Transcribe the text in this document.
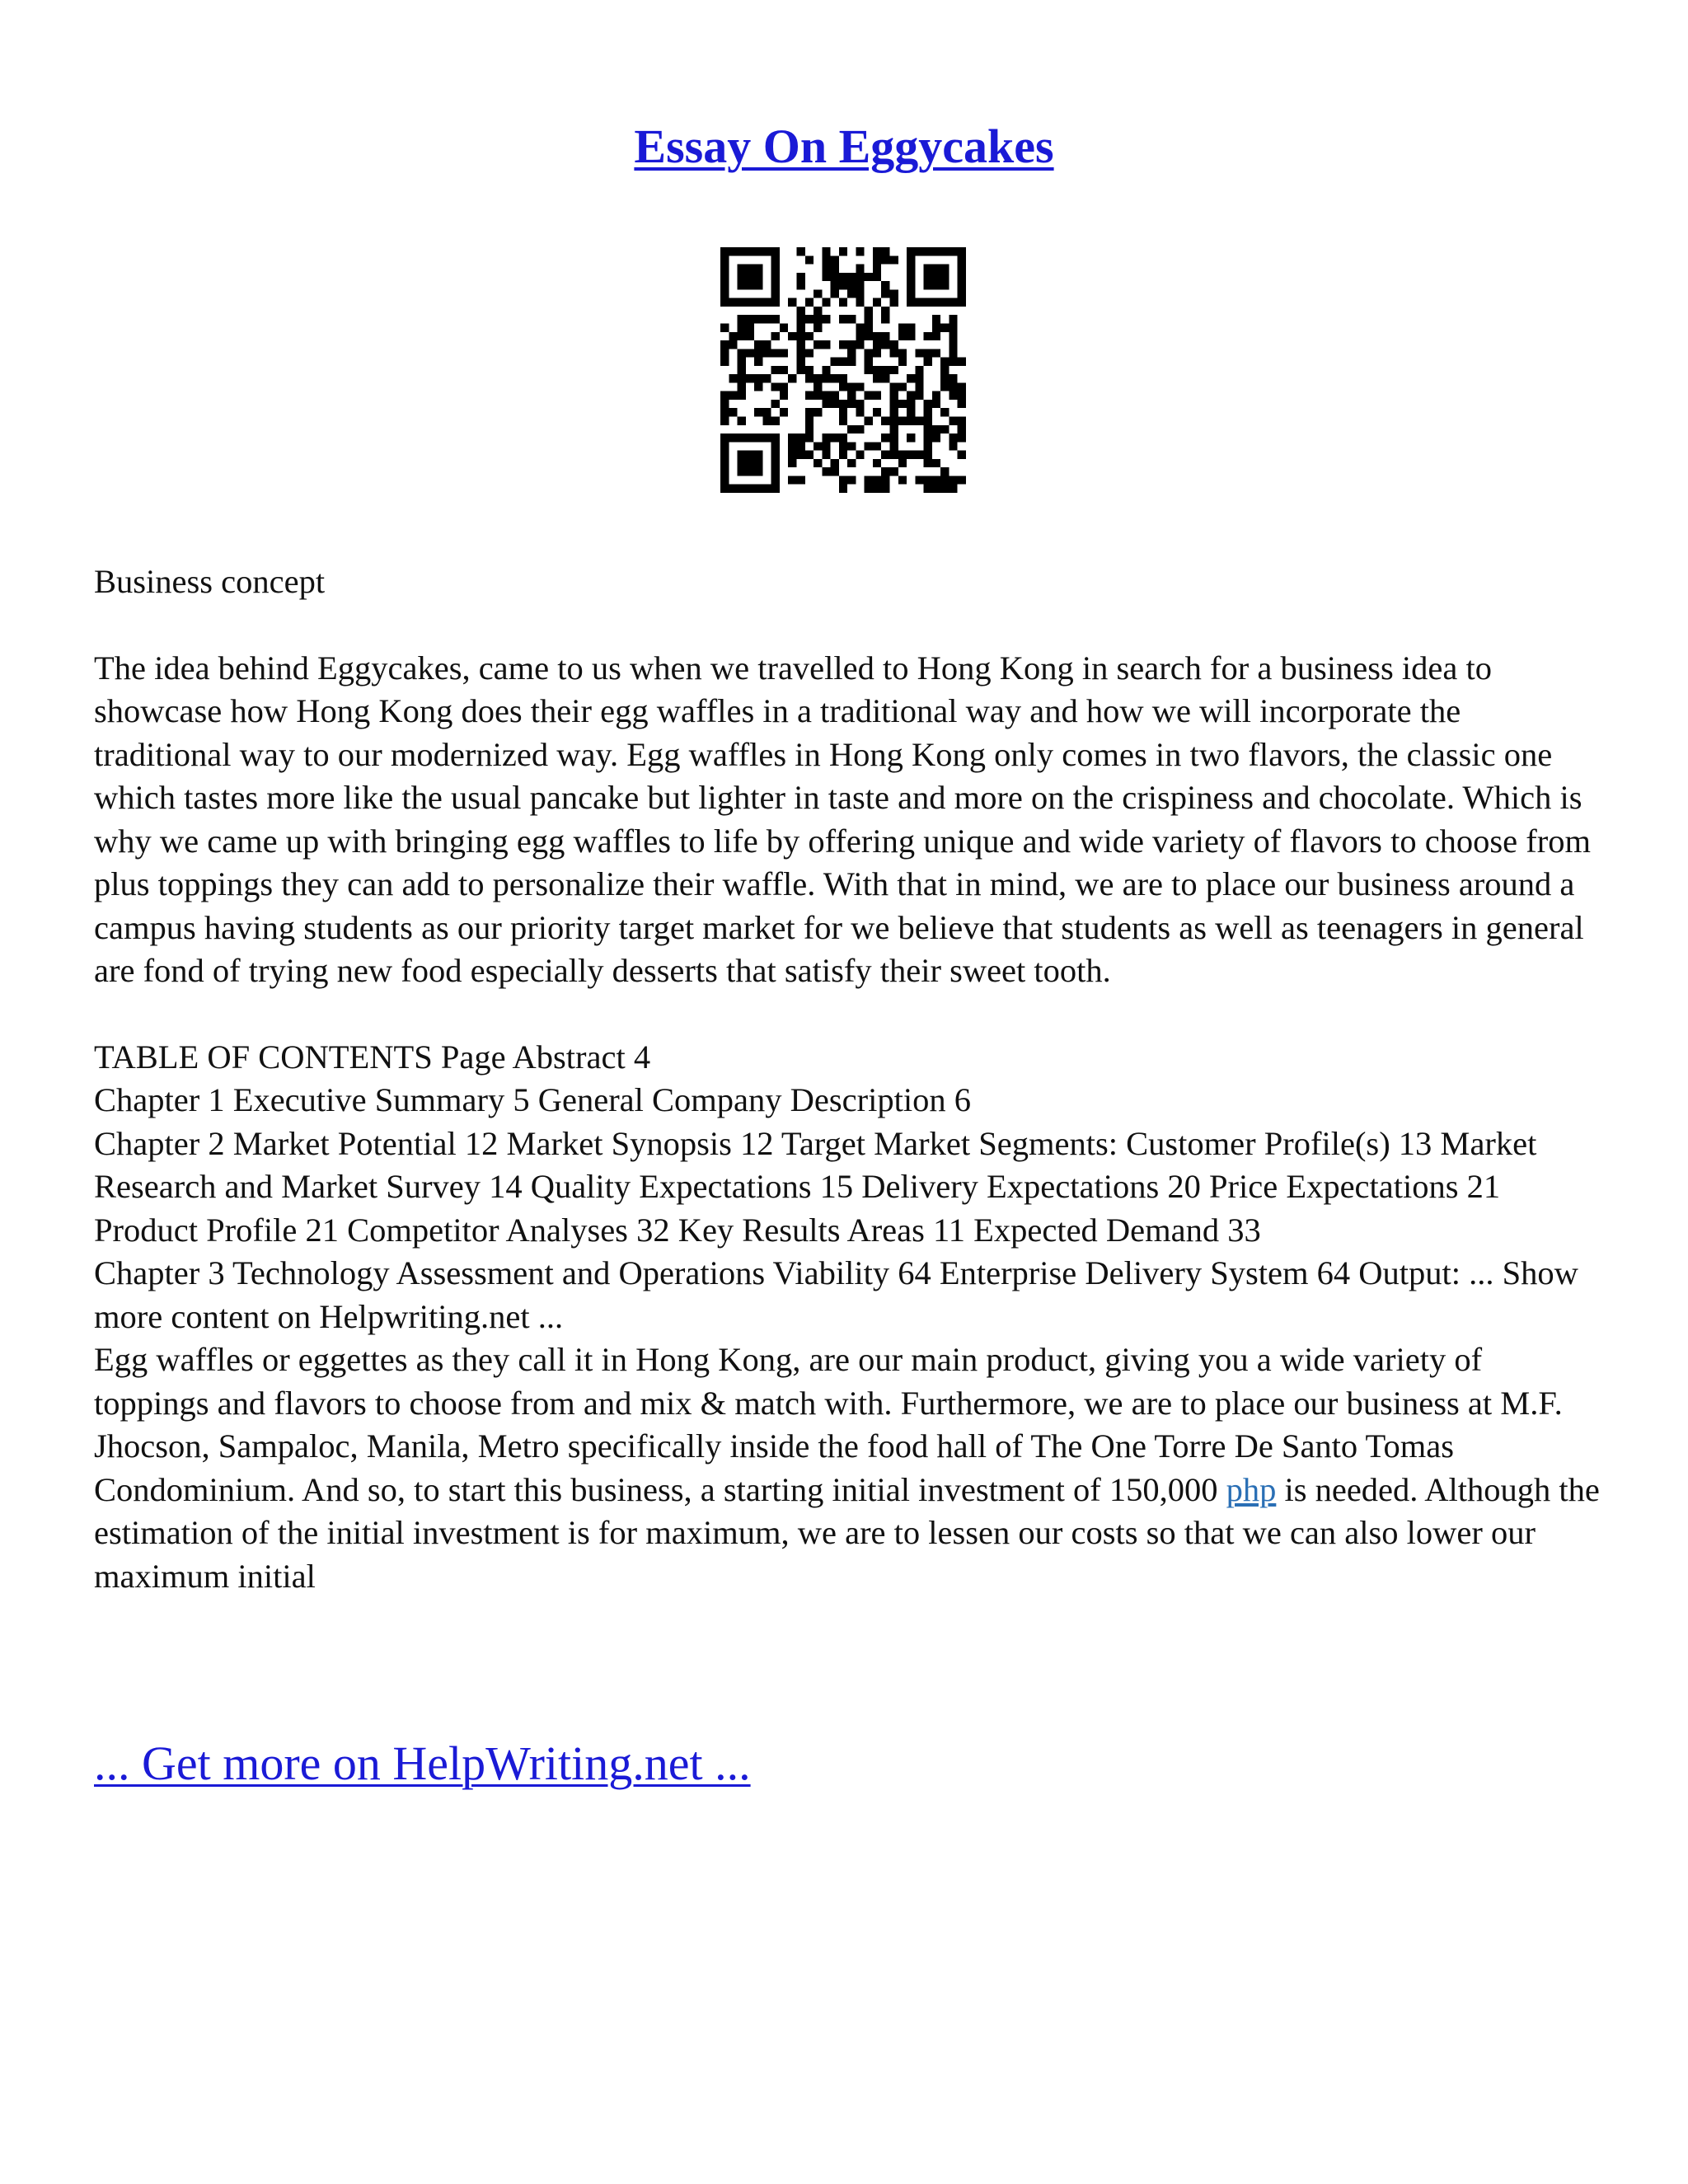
Essay On Eggycakes

Business concept

The idea behind Eggycakes, came to us when we travelled to Hong Kong in search for a business idea to showcase how Hong Kong does their egg waffles in a traditional way and how we will incorporate the traditional way to our modernized way. Egg waffles in Hong Kong only comes in two flavors, the classic one which tastes more like the usual pancake but lighter in taste and more on the crispiness and chocolate. Which is why we came up with bringing egg waffles to life by offering unique and wide variety of flavors to choose from plus toppings they can add to personalize their waffle. With that in mind, we are to place our business around a campus having students as our priority target market for we believe that students as well as teenagers in general are fond of trying new food especially desserts that satisfy their sweet tooth.

TABLE OF CONTENTS Page Abstract 4

Chapter 1 Executive Summary 5 General Company Description 6

Chapter 2 Market Potential 12 Market Synopsis 12 Target Market Segments: Customer Profile(s) 13 Market Research and Market Survey 14 Quality Expectations 15 Delivery Expectations 20 Price Expectations 21 Product Profile 21 Competitor Analyses 32 Key Results Areas 11 Expected Demand 33

Chapter 3 Technology Assessment and Operations Viability 64 Enterprise Delivery System 64 Output: ... Show more content on Helpwriting.net ...

Egg waffles or eggettes as they call it in Hong Kong, are our main product, giving you a wide variety of toppings and flavors to choose from and mix & match with. Furthermore, we are to place our business at M.F. Jhocson, Sampaloc, Manila, Metro specifically inside the food hall of The One Torre De Santo Tomas Condominium. And so, to start this business, a starting initial investment of 150,000 php is needed. Although the estimation of the initial investment is for maximum, we are to lessen our costs so that we can also lower our maximum initial

... Get more on HelpWriting.net ...
